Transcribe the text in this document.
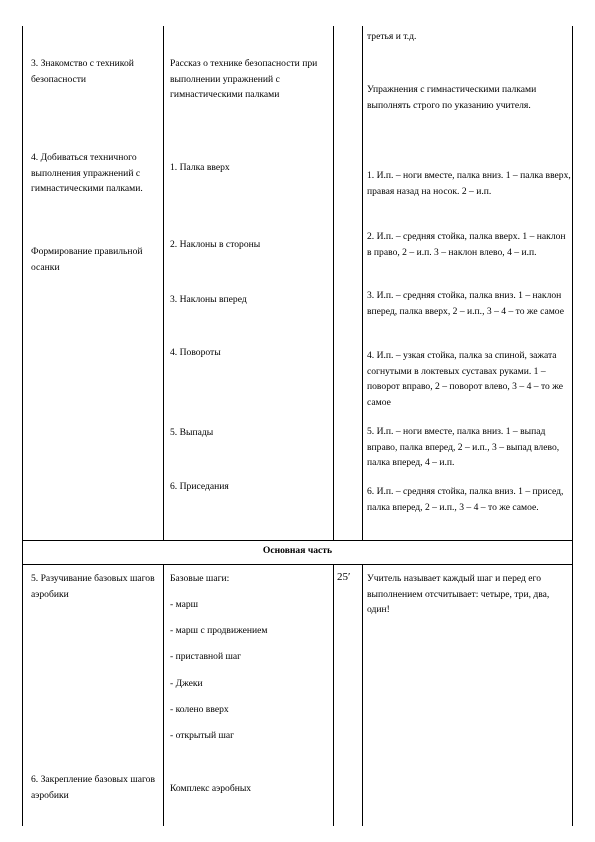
третья и т.д.
3. Знакомство с техникой безопасности
4. Добиваться техничного выполнения упражнений с гимнастическими палками.
Формирование правильной осанки
Рассказ о технике безопасности при выполнении упражнений с гимнастическими палками
1. Палка вверх
2. Наклоны в стороны
3. Наклоны вперед
4. Повороты
5. Выпады
6. Приседания
Упражнения с гимнастическими палками выполнять строго по указанию учителя.
1. И.п. – ноги вместе, палка вниз. 1 – палка вверх, правая назад на носок. 2 – и.п.
2. И.п. – средняя стойка, палка вверх. 1 – наклон в право, 2 – и.п. 3 – наклон влево, 4 – и.п.
3. И.п. – средняя стойка, палка вниз. 1 – наклон вперед, палка вверх, 2 – и.п., 3 – 4 – то же самое
4. И.п. – узкая стойка, палка за спиной, зажата согнутыми в локтевых суставах руками. 1 – поворот вправо, 2 – поворот влево, 3 – 4 – то же самое
5. И.п. – ноги вместе, палка вниз. 1 – выпад вправо, палка вперед, 2 – и.п., 3 – выпад влево, палка вперед, 4 – и.п.
6. И.п. – средняя стойка, палка вниз. 1 – присед, палка вперед, 2 – и.п., 3 – 4 – то же самое.
Основная часть
5. Разучивание базовых шагов аэробики
6. Закрепление базовых шагов аэробики
Базовые шаги:
- марш
- марш с продвижением
- приставной шаг
- Джеки
- колено вверх
- открытый шаг
Комплекс аэробных
25′	Учитель называет каждый шаг и перед его выполнением отсчитывает: четыре, три, два, один!
